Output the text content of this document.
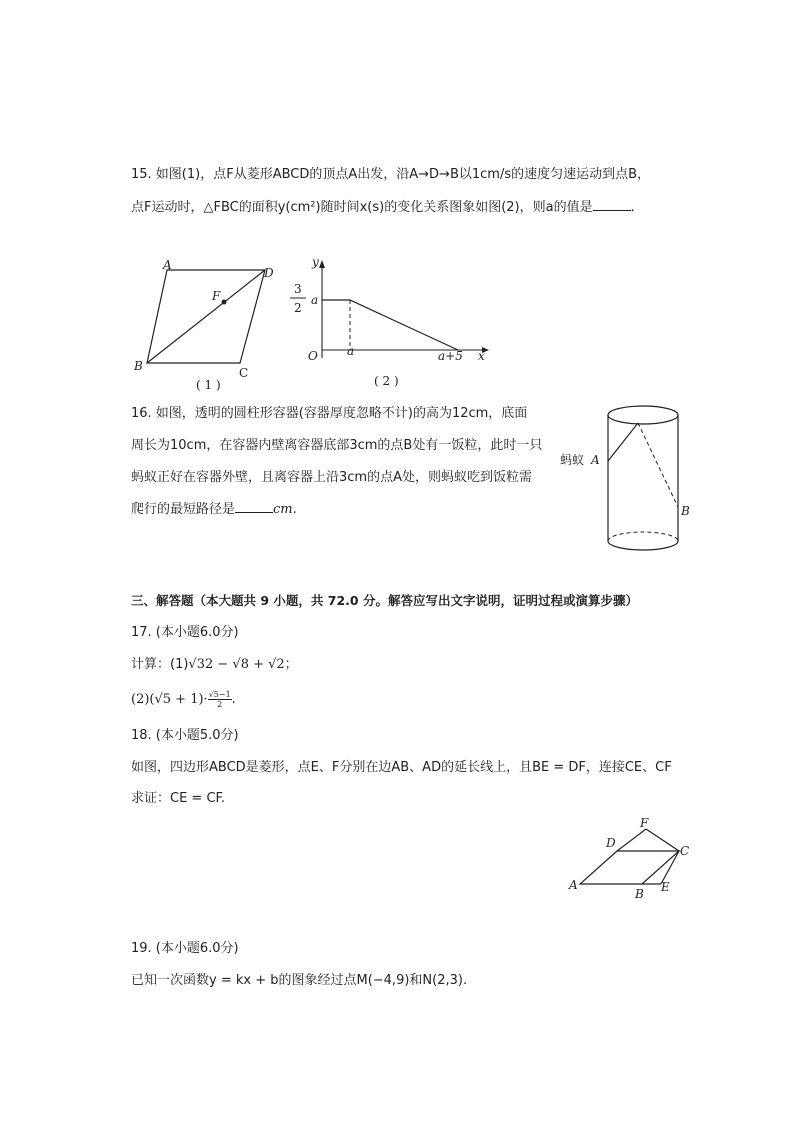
15. 如图(1)，点F从菱形ABCD的顶点A出发，沿A→D→B以1cm/s的速度匀速运动到点B，
点F运动时，△FBC的面积y(cm²)随时间x(s)的变化关系图象如图(2)，则a的值是	.
A
D
F
B	C
( 1 )
y
x
O
3
2
a
a	a+5
( 2 )
16. 如图，透明的圆柱形容器(容器厚度忽略不计)的高为12cm，底面
周长为10cm，在容器内壁离容器底部3cm的点B处有一饭粒，此时一只
蚂蚁正好在容器外壁，且离容器上沿3cm的点A处，则蚂蚁吃到饭粒需
爬行的最短路径是	cm.
蚂蚁 A
B
三、解答题（本大题共 9 小题，共 72.0 分。解答应写出文字说明，证明过程或演算步骤）
17. (本小题6.0分)
计算：(1)√32 − √8 + √2；
$(2)(√5 + 1)\cdot \frac{√5-1}{2}$ .
18. (本小题5.0分)
如图，四边形ABCD是菱形，点E、F分别在边AB、AD的延长线上，且BE = DF，连接CE、CF
求证：CE = CF.
A
B
C
D
E
F
19. (本小题6.0分)
已知一次函数y = kx + b的图象经过点M(−4,9)和N(2,3).
